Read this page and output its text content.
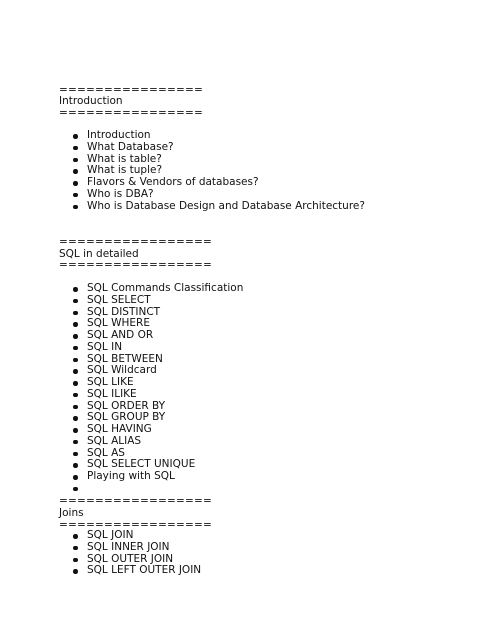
================
Introduction
================
Introduction
What Database?
What is table?
What is tuple?
Flavors & Vendors of databases?
Who is DBA?
Who is Database Design and Database Architecture?
=================
SQL in detailed
=================
SQL Commands Classification
SQL SELECT
SQL DISTINCT
SQL WHERE
SQL AND OR
SQL IN
SQL BETWEEN
SQL Wildcard
SQL LIKE
SQL ILIKE
SQL ORDER BY
SQL GROUP BY
SQL HAVING
SQL ALIAS
SQL AS
SQL SELECT UNIQUE
Playing with SQL
=================
Joins
=================
SQL JOIN
SQL INNER JOIN
SQL OUTER JOIN
SQL LEFT OUTER JOIN
